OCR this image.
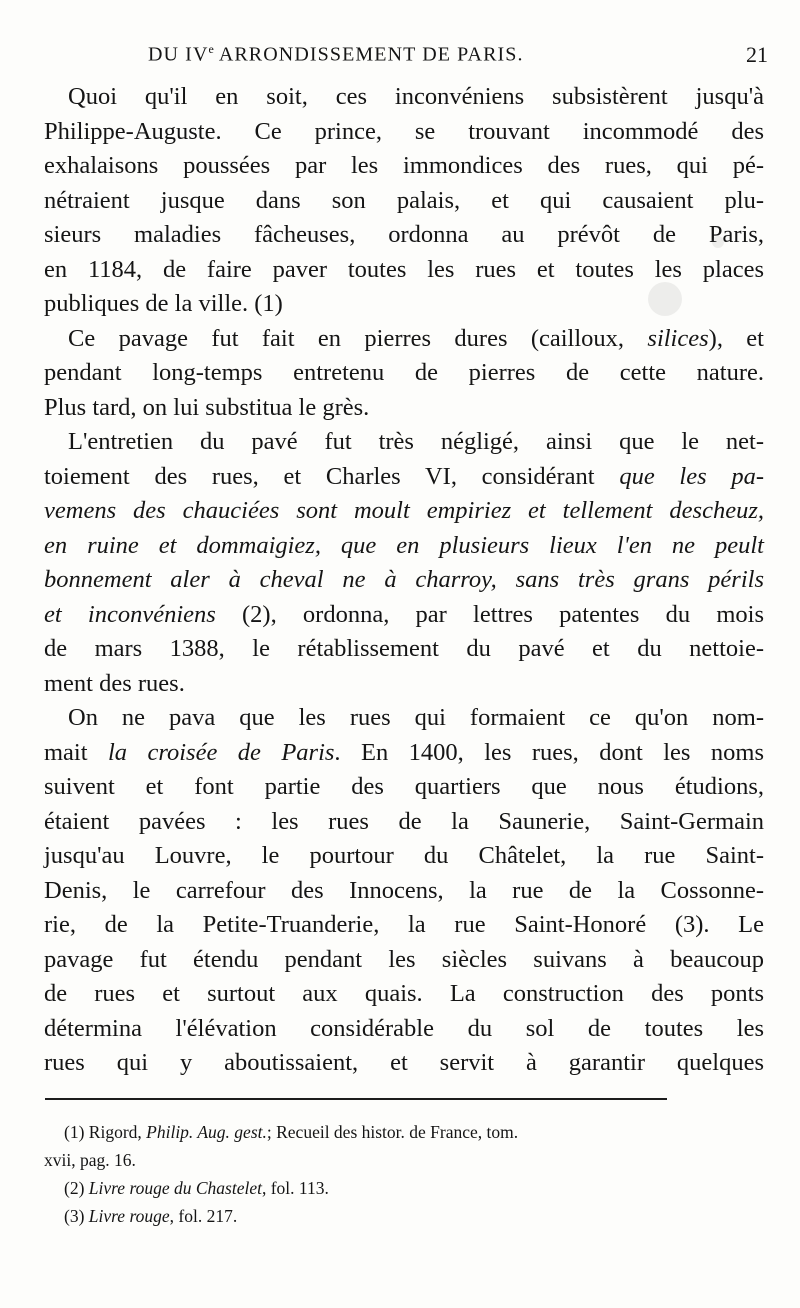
DU IVe ARRONDISSEMENT DE PARIS.	21
Quoi qu'il en soit, ces inconvéniens subsistèrent jusqu'à
Philippe-Auguste. Ce prince, se trouvant incommodé des
exhalaisons poussées par les immondices des rues, qui pé-
nétraient jusque dans son palais, et qui causaient plu-
sieurs maladies fâcheuses, ordonna au prévôt de Paris,
en 1184, de faire paver toutes les rues et toutes les places
publiques de la ville. (1)
Ce pavage fut fait en pierres dures (cailloux, silices), et
pendant long-temps entretenu de pierres de cette nature.
Plus tard, on lui substitua le grès.
L'entretien du pavé fut très négligé, ainsi que le net-
toiement des rues, et Charles VI, considérant que les pa-
vemens des chauciées sont moult empiriez et tellement descheuz,
en ruine et dommaigiez, que en plusieurs lieux l'en ne peult
bonnement aler à cheval ne à charroy, sans très grans périls
et inconvéniens (2), ordonna, par lettres patentes du mois
de mars 1388, le rétablissement du pavé et du nettoie-
ment des rues.
On ne pava que les rues qui formaient ce qu'on nom-
mait la croisée de Paris. En 1400, les rues, dont les noms
suivent et font partie des quartiers que nous étudions,
étaient pavées : les rues de la Saunerie, Saint-Germain
jusqu'au Louvre, le pourtour du Châtelet, la rue Saint-
Denis, le carrefour des Innocens, la rue de la Cossonne-
rie, de la Petite-Truanderie, la rue Saint-Honoré (3). Le
pavage fut étendu pendant les siècles suivans à beaucoup
de rues et surtout aux quais. La construction des ponts
détermina l'élévation considérable du sol de toutes les
rues qui y aboutissaient, et servit à garantir quelques
(1) Rigord, Philip. Aug. gest.; Recueil des histor. de France, tom.
xvii, pag. 16.
(2) Livre rouge du Chastelet, fol. 113.
(3) Livre rouge, fol. 217.
